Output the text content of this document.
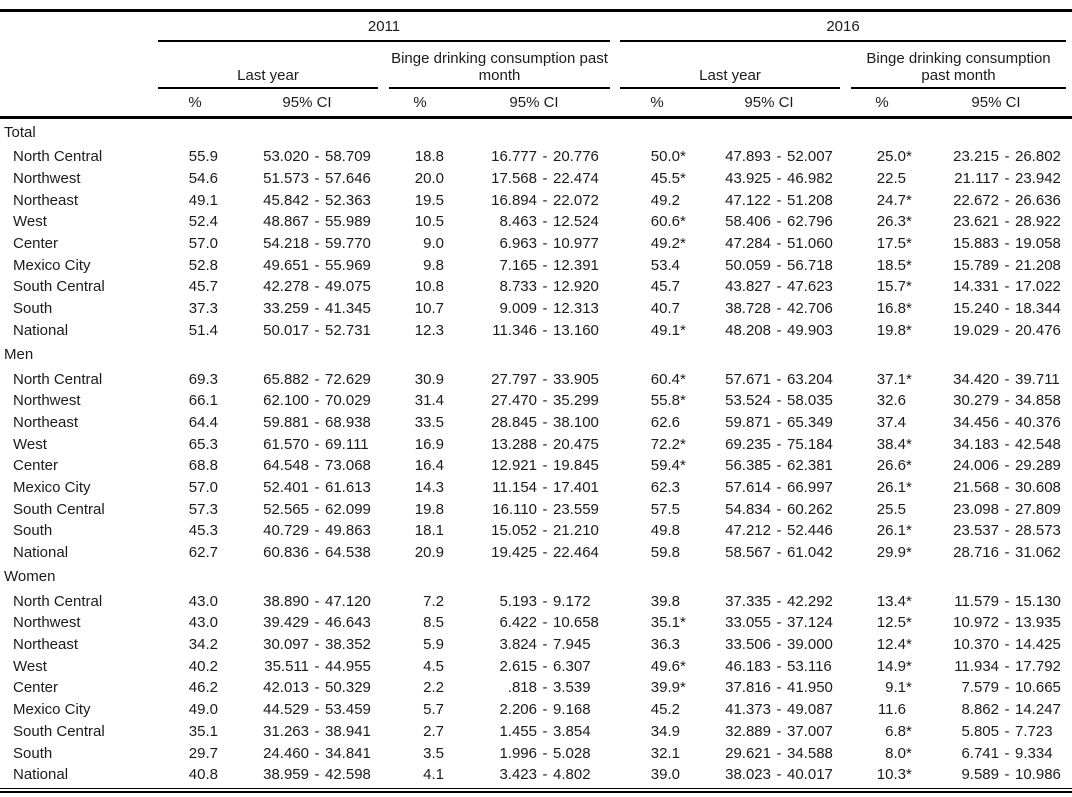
2011	2016
Last year
Binge drinking consumption past month	Last year
Binge drinking consumption past month
%	95% CI	%	95% CI	%	95% CI	%	95% CI
Total
North Central	55.9	53.020 - 58.709	18.8	16.777 - 20.776	50.0 *	47.893 - 52.007	25.0 *	23.215 - 26.802
Northwest	54.6	51.573 - 57.646	20.0	17.568 - 22.474	45.5 *	43.925 - 46.982	22.5	21.117 - 23.942
Northeast	49.1	45.842 - 52.363	19.5	16.894 - 22.072	49.2	47.122 - 51.208	24.7 *	22.672 - 26.636
West	52.4	48.867 - 55.989	10.5	8.463 - 12.524	60.6 *	58.406 - 62.796	26.3 *	23.621 - 28.922
Center	57.0	54.218 - 59.770	9.0	6.963 - 10.977	49.2 *	47.284 - 51.060	17.5 *	15.883 - 19.058
Mexico City	52.8	49.651 - 55.969	9.8	7.165 - 12.391	53.4	50.059 - 56.718	18.5 *	15.789 - 21.208
South Central	45.7	42.278 - 49.075	10.8	8.733 - 12.920	45.7	43.827 - 47.623	15.7 *	14.331 - 17.022
South	37.3	33.259 - 41.345	10.7	9.009 - 12.313	40.7	38.728 - 42.706	16.8 *	15.240 - 18.344
National	51.4	50.017 - 52.731	12.3	11.346 - 13.160	49.1 *	48.208 - 49.903	19.8 *	19.029 - 20.476
Men
North Central	69.3	65.882 - 72.629	30.9	27.797 - 33.905	60.4 *	57.671 - 63.204	37.1 *	34.420 - 39.711
Northwest	66.1	62.100 - 70.029	31.4	27.470 - 35.299	55.8 *	53.524 - 58.035	32.6	30.279 - 34.858
Northeast	64.4	59.881 - 68.938	33.5	28.845 - 38.100	62.6	59.871 - 65.349	37.4	34.456 - 40.376
West	65.3	61.570 - 69.111	16.9	13.288 - 20.475	72.2 *	69.235 - 75.184	38.4 *	34.183 - 42.548
Center	68.8	64.548 - 73.068	16.4	12.921 - 19.845	59.4 *	56.385 - 62.381	26.6 *	24.006 - 29.289
Mexico City	57.0	52.401 - 61.613	14.3	11.154 - 17.401	62.3	57.614 - 66.997	26.1 *	21.568 - 30.608
South Central	57.3	52.565 - 62.099	19.8	16.110 - 23.559	57.5	54.834 - 60.262	25.5	23.098 - 27.809
South	45.3	40.729 - 49.863	18.1	15.052 - 21.210	49.8	47.212 - 52.446	26.1 *	23.537 - 28.573
National	62.7	60.836 - 64.538	20.9	19.425 - 22.464	59.8	58.567 - 61.042	29.9 *	28.716 - 31.062
Women
North Central	43.0	38.890 - 47.120	7.2	5.193 - 9.172	39.8	37.335 - 42.292	13.4 *	11.579 - 15.130
Northwest	43.0	39.429 - 46.643	8.5	6.422 - 10.658	35.1 *	33.055 - 37.124	12.5 *	10.972 - 13.935
Northeast	34.2	30.097 - 38.352	5.9	3.824 - 7.945	36.3	33.506 - 39.000	12.4 *	10.370 - 14.425
West	40.2	35.511 - 44.955	4.5	2.615 - 6.307	49.6 *	46.183 - 53.116	14.9 *	11.934 - 17.792
Center	46.2	42.013 - 50.329	2.2	.818 - 3.539	39.9 *	37.816 - 41.950	9.1 *	7.579 - 10.665
Mexico City	49.0	44.529 - 53.459	5.7	2.206 - 9.168	45.2	41.373 - 49.087	11.6	8.862 - 14.247
South Central	35.1	31.263 - 38.941	2.7	1.455 - 3.854	34.9	32.889 - 37.007	6.8 *	5.805 - 7.723
South	29.7	24.460 - 34.841	3.5	1.996 - 5.028	32.1	29.621 - 34.588	8.0 *	6.741 - 9.334
National	40.8	38.959 - 42.598	4.1	3.423 - 4.802	39.0	38.023 - 40.017	10.3 *	9.589 - 10.986
